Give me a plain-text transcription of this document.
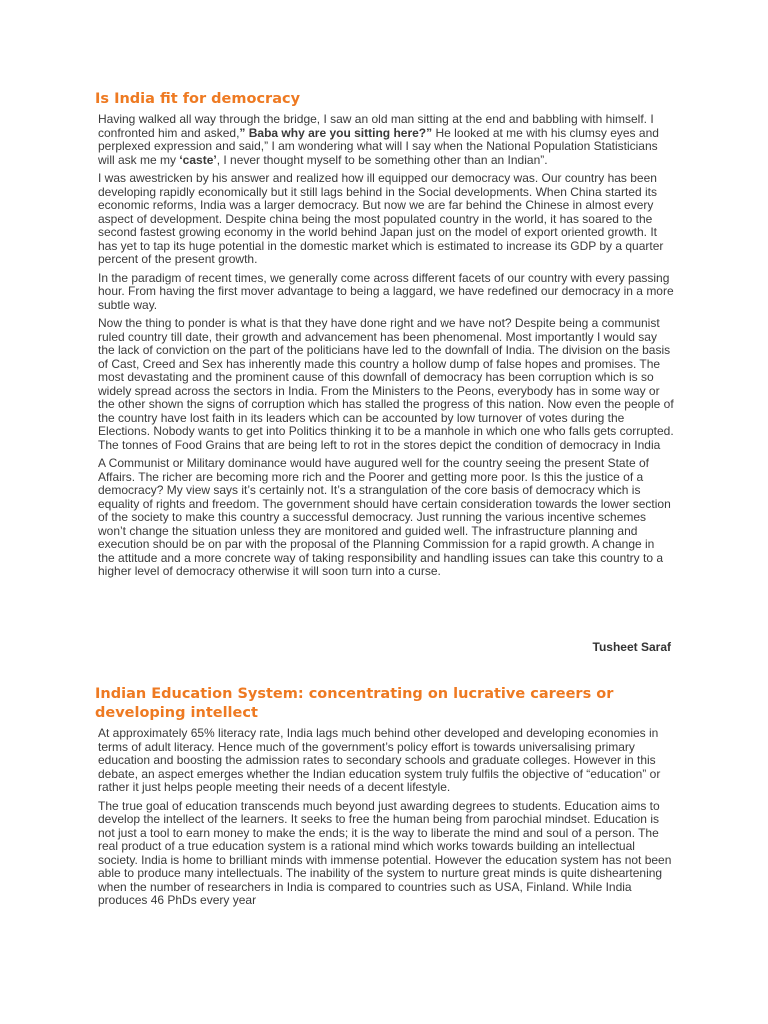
Is India fit for democracy

Having walked all way through the bridge, I saw an old man sitting at the end and babbling with himself. I confronted him and asked,” Baba why are you sitting here?” He looked at me with his clumsy eyes and perplexed expression and said,” I am wondering what will I say when the National Population Statisticians will ask me my ‘caste’, I never thought myself to be something other than an Indian”.

I was awestricken by his answer and realized how ill equipped our democracy was. Our country has been developing rapidly economically but it still lags behind in the Social developments. When China started its economic reforms, India was a larger democracy. But now we are far behind the Chinese in almost every aspect of development. Despite china being the most populated country in the world, it has soared to the second fastest growing economy in the world behind Japan just on the model of export oriented growth. It has yet to tap its huge potential in the domestic market which is estimated to increase its GDP by a quarter percent of the present growth.

In the paradigm of recent times, we generally come across different facets of our country with every passing hour. From having the first mover advantage to being a laggard, we have redefined our democracy in a more subtle way.

Now the thing to ponder is what is that they have done right and we have not? Despite being a communist ruled country till date, their growth and advancement has been phenomenal. Most importantly I would say the lack of conviction on the part of the politicians have led to the downfall of India. The division on the basis of Cast, Creed and Sex has inherently made this country a hollow dump of false hopes and promises. The most devastating and the prominent cause of this downfall of democracy has been corruption which is so widely spread across the sectors in India. From the Ministers to the Peons, everybody has in some way or the other shown the signs of corruption which has stalled the progress of this nation. Now even the people of the country have lost faith in its leaders which can be accounted by low turnover of votes during the Elections. Nobody wants to get into Politics thinking it to be a manhole in which one who falls gets corrupted. The tonnes of Food Grains that are being left to rot in the stores depict the condition of democracy in India

A Communist or Military dominance would have augured well for the country seeing the present State of Affairs. The richer are becoming more rich and the Poorer and getting more poor. Is this the justice of a democracy? My view says it’s certainly not. It’s a strangulation of the core basis of democracy which is equality of rights and freedom. The government should have certain consideration towards the lower section of the society to make this country a successful democracy. Just running the various incentive schemes won’t change the situation unless they are monitored and guided well. The infrastructure planning and execution should be on par with the proposal of the Planning Commission for a rapid growth. A change in the attitude and a more concrete way of taking responsibility and handling issues can take this country to a higher level of democracy otherwise it will soon turn into a curse.

Tusheet Saraf
Indian Education System: concentrating on lucrative careers or developing intellect

At approximately 65% literacy rate, India lags much behind other developed and developing economies in terms of adult literacy. Hence much of the government’s policy effort is towards universalising primary education and boosting the admission rates to secondary schools and graduate colleges. However in this debate, an aspect emerges whether the Indian education system truly fulfils the objective of “education” or rather it just helps people meeting their needs of a decent lifestyle.

The true goal of education transcends much beyond just awarding degrees to students. Education aims to develop the intellect of the learners. It seeks to free the human being from parochial mindset. Education is not just a tool to earn money to make the ends; it is the way to liberate the mind and soul of a person. The real product of a true education system is a rational mind which works towards building an intellectual society. India is home to brilliant minds with immense potential. However the education system has not been able to produce many intellectuals. The inability of the system to nurture great minds is quite disheartening when the number of researchers in India is compared to countries such as USA, Finland. While India produces 46 PhDs every year
